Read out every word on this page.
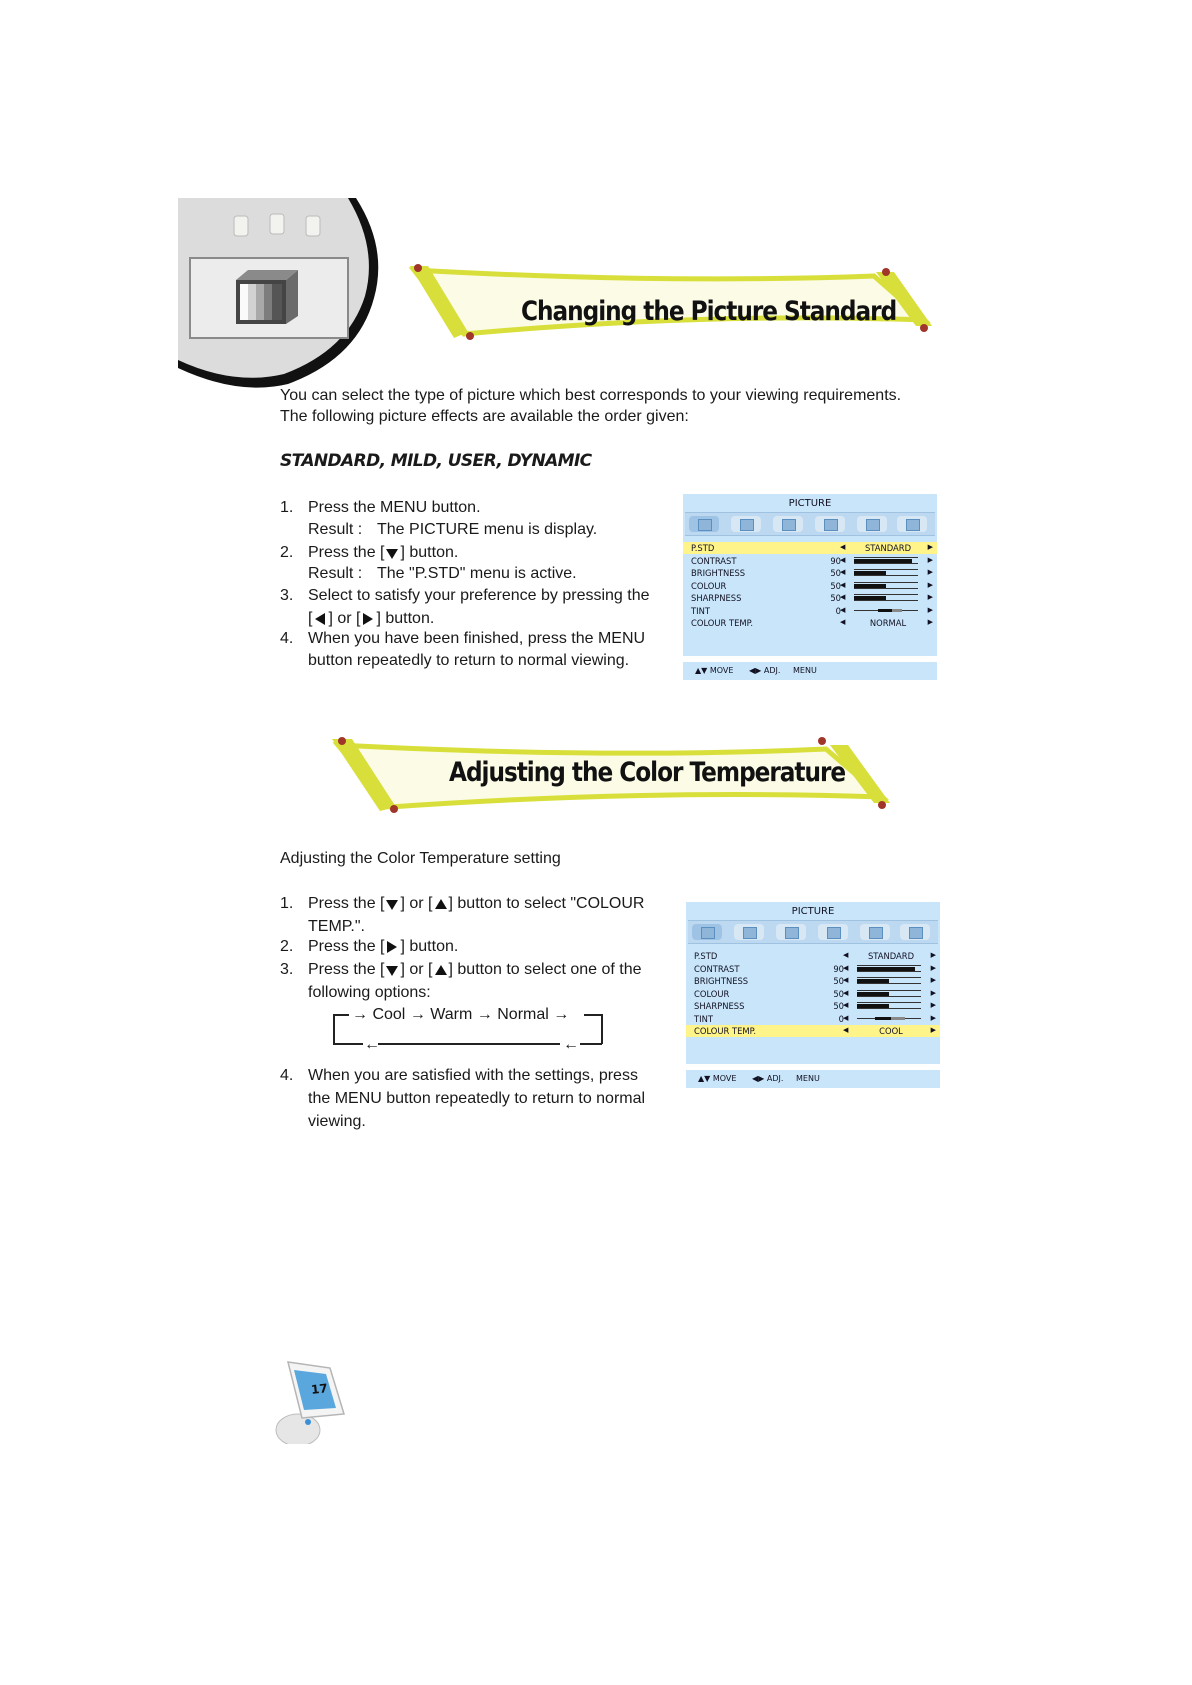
Changing the Picture Standard
You can select the type of picture which best corresponds to your viewing requirements.
The following picture effects are available the order given:
STANDARD, MILD, USER, DYNAMIC
1. Press the MENU button.
Result : The PICTURE menu is display.
2. Press the [ ] button.
Result : The "P.STD" menu is active.
3. Select to satisfy your preference by pressing the
[ ] or [ ] button.
4. When you have been finished, press the MENU
button repeatedly to return to normal viewing.
PICTURE
P.STD	◀	STANDARD	▶
CONTRAST	90 ◀	▶
BRIGHTNESS	50 ◀	▶
COLOUR	50 ◀	▶
SHARPNESS	50 ◀	▶
TINT	0 ◀	▶
COLOUR TEMP.	◀	NORMAL	▶
▲▼ MOVE ◀▶ ADJ. MENU
Adjusting the Color Temperature
Adjusting the Color Temperature setting
1. Press the [ ] or [ ] button to select "COLOUR
TEMP.".
2. Press the [ ] button.
3. Press the [ ] or [ ] button to select one of the
following options:
→ Cool → Warm → Normal →
←	←
4. When you are satisfied with the settings, press
the MENU button repeatedly to return to normal
viewing.
PICTURE
P.STD	◀	STANDARD	▶
CONTRAST	90 ◀	▶
BRIGHTNESS	50 ◀	▶
COLOUR	50 ◀	▶
SHARPNESS	50 ◀	▶
TINT	0 ◀	▶
COLOUR TEMP.	◀	COOL	▶
▲▼ MOVE ◀▶ ADJ. MENU
17
